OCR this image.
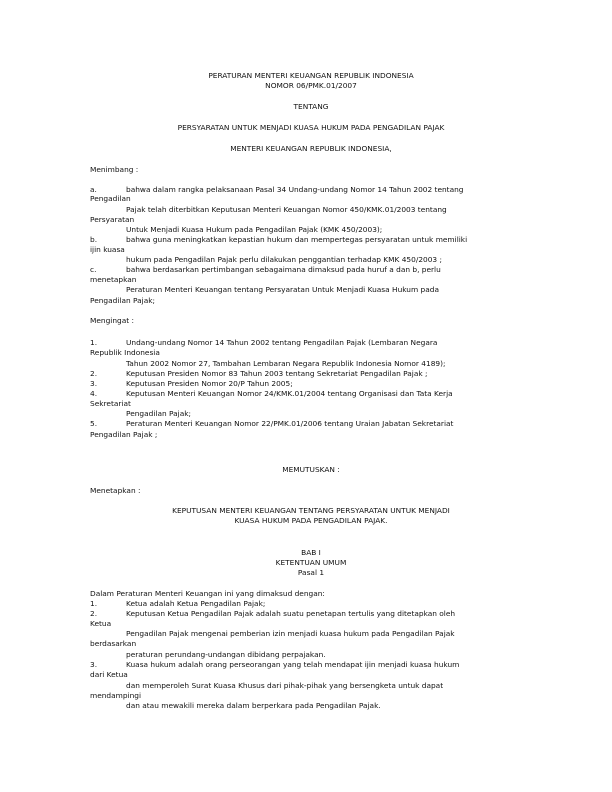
PERATURAN MENTERI KEUANGAN REPUBLIK INDONESIA
NOMOR 06/PMK.01/2007
TENTANG
PERSYARATAN UNTUK MENJADI KUASA HUKUM PADA PENGADILAN PAJAK
MENTERI KEUANGAN REPUBLIK INDONESIA,
Menimbang :
bahwa dalam rangka pelaksanaan Pasal 34 Undang-undang Nomor 14 Tahun 2002 tentang
a.
Pengadilan
Pajak telah diterbitkan Keputusan Menteri Keuangan Nomor 450/KMK.01/2003 tentang
Persyaratan
Untuk Menjadi Kuasa Hukum pada Pengadilan Pajak (KMK 450/2003);
bahwa guna meningkatkan kepastian hukum dan mempertegas persyaratan untuk memiliki
b.
ijin kuasa
hukum pada Pengadilan Pajak perlu dilakukan penggantian terhadap KMK 450/2003 ;
bahwa berdasarkan pertimbangan sebagaimana dimaksud pada huruf a dan b, perlu
c.
menetapkan
Peraturan Menteri Keuangan tentang Persyaratan Untuk Menjadi Kuasa Hukum pada
Pengadilan Pajak;
Mengingat :
Undang-undang Nomor 14 Tahun 2002 tentang Pengadilan Pajak (Lembaran Negara
1.
Republik Indonesia
Tahun 2002 Nomor 27, Tambahan Lembaran Negara Republik Indonesia Nomor 4189);
Keputusan Presiden Nomor 83 Tahun 2003 tentang Sekretariat Pengadilan Pajak ;
2.
Keputusan Presiden Nomor 20/P Tahun 2005;
3.
Keputusan Menteri Keuangan Nomor 24/KMK.01/2004 tentang Organisasi dan Tata Kerja
4.
Sekretariat
Pengadilan Pajak;
Peraturan Menteri Keuangan Nomor 22/PMK.01/2006 tentang Uraian Jabatan Sekretariat
5.
Pengadilan Pajak ;
MEMUTUSKAN :
Menetapkan :
KEPUTUSAN MENTERI KEUANGAN TENTANG PERSYARATAN UNTUK MENJADI
KUASA HUKUM PADA PENGADILAN PAJAK.
BAB I
KETENTUAN UMUM
Pasal 1
Dalam Peraturan Menteri Keuangan ini yang dimaksud dengan:
Ketua adalah Ketua Pengadilan Pajak;
1.
Keputusan Ketua Pengadilan Pajak adalah suatu penetapan tertulis yang ditetapkan oleh
2.
Ketua
Pengadilan Pajak mengenai pemberian izin menjadi kuasa hukum pada Pengadilan Pajak
berdasarkan
peraturan perundang-undangan dibidang perpajakan.
Kuasa hukum adalah orang perseorangan yang telah mendapat ijin menjadi kuasa hukum
3.
dari Ketua
dan memperoleh Surat Kuasa Khusus dari pihak-pihak yang bersengketa untuk dapat
mendampingi
dan atau mewakili mereka dalam berperkara pada Pengadilan Pajak.
